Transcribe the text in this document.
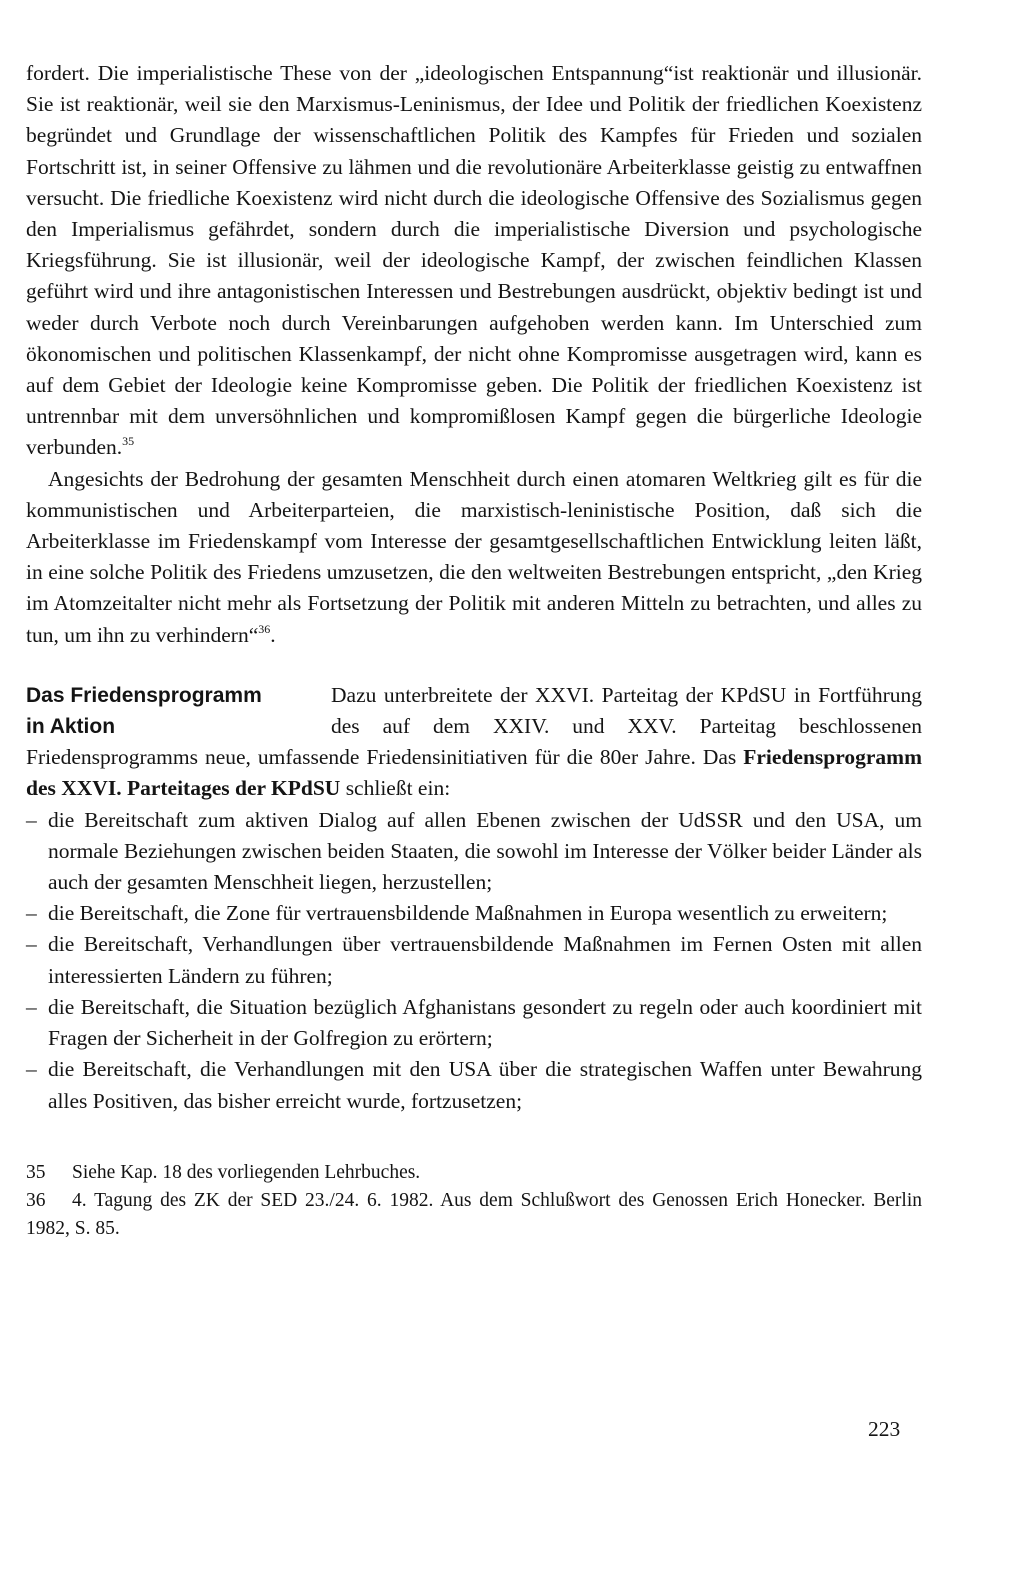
fordert. Die imperialistische These von der „ideologischen Entspannung“ist reaktionär und illusionär. Sie ist reaktionär, weil sie den Marxismus-Leninismus, der Idee und Politik der friedlichen Koexistenz begründet und Grundlage der wissenschaftlichen Politik des Kampfes für Frieden und sozialen Fortschritt ist, in seiner Offensive zu lähmen und die revolutionäre Arbeiterklasse geistig zu entwaffnen versucht. Die friedliche Koexistenz wird nicht durch die ideologische Offensive des Sozialismus gegen den Imperialismus gefährdet, sondern durch die imperialistische Diversion und psychologische Kriegsführung. Sie ist illusionär, weil der ideologische Kampf, der zwischen feindlichen Klassen geführt wird und ihre antagonistischen Interessen und Bestrebungen ausdrückt, objektiv bedingt ist und weder durch Verbote noch durch Vereinbarungen aufgehoben werden kann. Im Unterschied zum ökonomischen und politischen Klassenkampf, der nicht ohne Kompromisse ausgetragen wird, kann es auf dem Gebiet der Ideologie keine Kompromisse geben. Die Politik der friedlichen Koexistenz ist untrennbar mit dem unversöhnlichen und kompromißlosen Kampf gegen die bürgerliche Ideologie verbunden.$^{35}$

Angesichts der Bedrohung der gesamten Menschheit durch einen atomaren Weltkrieg gilt es für die kommunistischen und Arbeiterparteien, die marxistisch-leninistische Position, daß sich die Arbeiterklasse im Friedenskampf vom Interesse der gesamtgesellschaftlichen Entwicklung leiten läßt, in eine solche Politik des Friedens umzusetzen, die den weltweiten Bestrebungen entspricht, „den Krieg im Atomzeitalter nicht mehr als Fortsetzung der Politik mit anderen Mitteln zu betrachten, und alles zu tun, um ihn zu verhindern“$^{36}$.

Das Friedensprogramm
in Aktion

Dazu unterbreitete der XXVI. Parteitag der KPdSU in Fortführung des auf dem XXIV. und XXV. Parteitag beschlossenen Friedensprogramms neue, umfassende Friedensinitiativen für die 80er Jahre. Das Friedensprogramm des XXVI. Parteitages der KPdSU schließt ein:

– die Bereitschaft zum aktiven Dialog auf allen Ebenen zwischen der UdSSR und den USA, um normale Beziehungen zwischen beiden Staaten, die sowohl im Interesse der Völker beider Länder als auch der gesamten Menschheit liegen, herzustellen;
– die Bereitschaft, die Zone für vertrauensbildende Maßnahmen in Europa wesentlich zu erweitern;
– die Bereitschaft, Verhandlungen über vertrauensbildende Maßnahmen im Fernen Osten mit allen interessierten Ländern zu führen;
– die Bereitschaft, die Situation bezüglich Afghanistans gesondert zu regeln oder auch koordiniert mit Fragen der Sicherheit in der Golfregion zu erörtern;
– die Bereitschaft, die Verhandlungen mit den USA über die strategischen Waffen unter Bewahrung alles Positiven, das bisher erreicht wurde, fortzusetzen;

35 Siehe Kap. 18 des vorliegenden Lehrbuches.

36 4. Tagung des ZK der SED 23./24. 6. 1982. Aus dem Schlußwort des Genossen Erich Honecker. Berlin 1982, S. 85.

223
